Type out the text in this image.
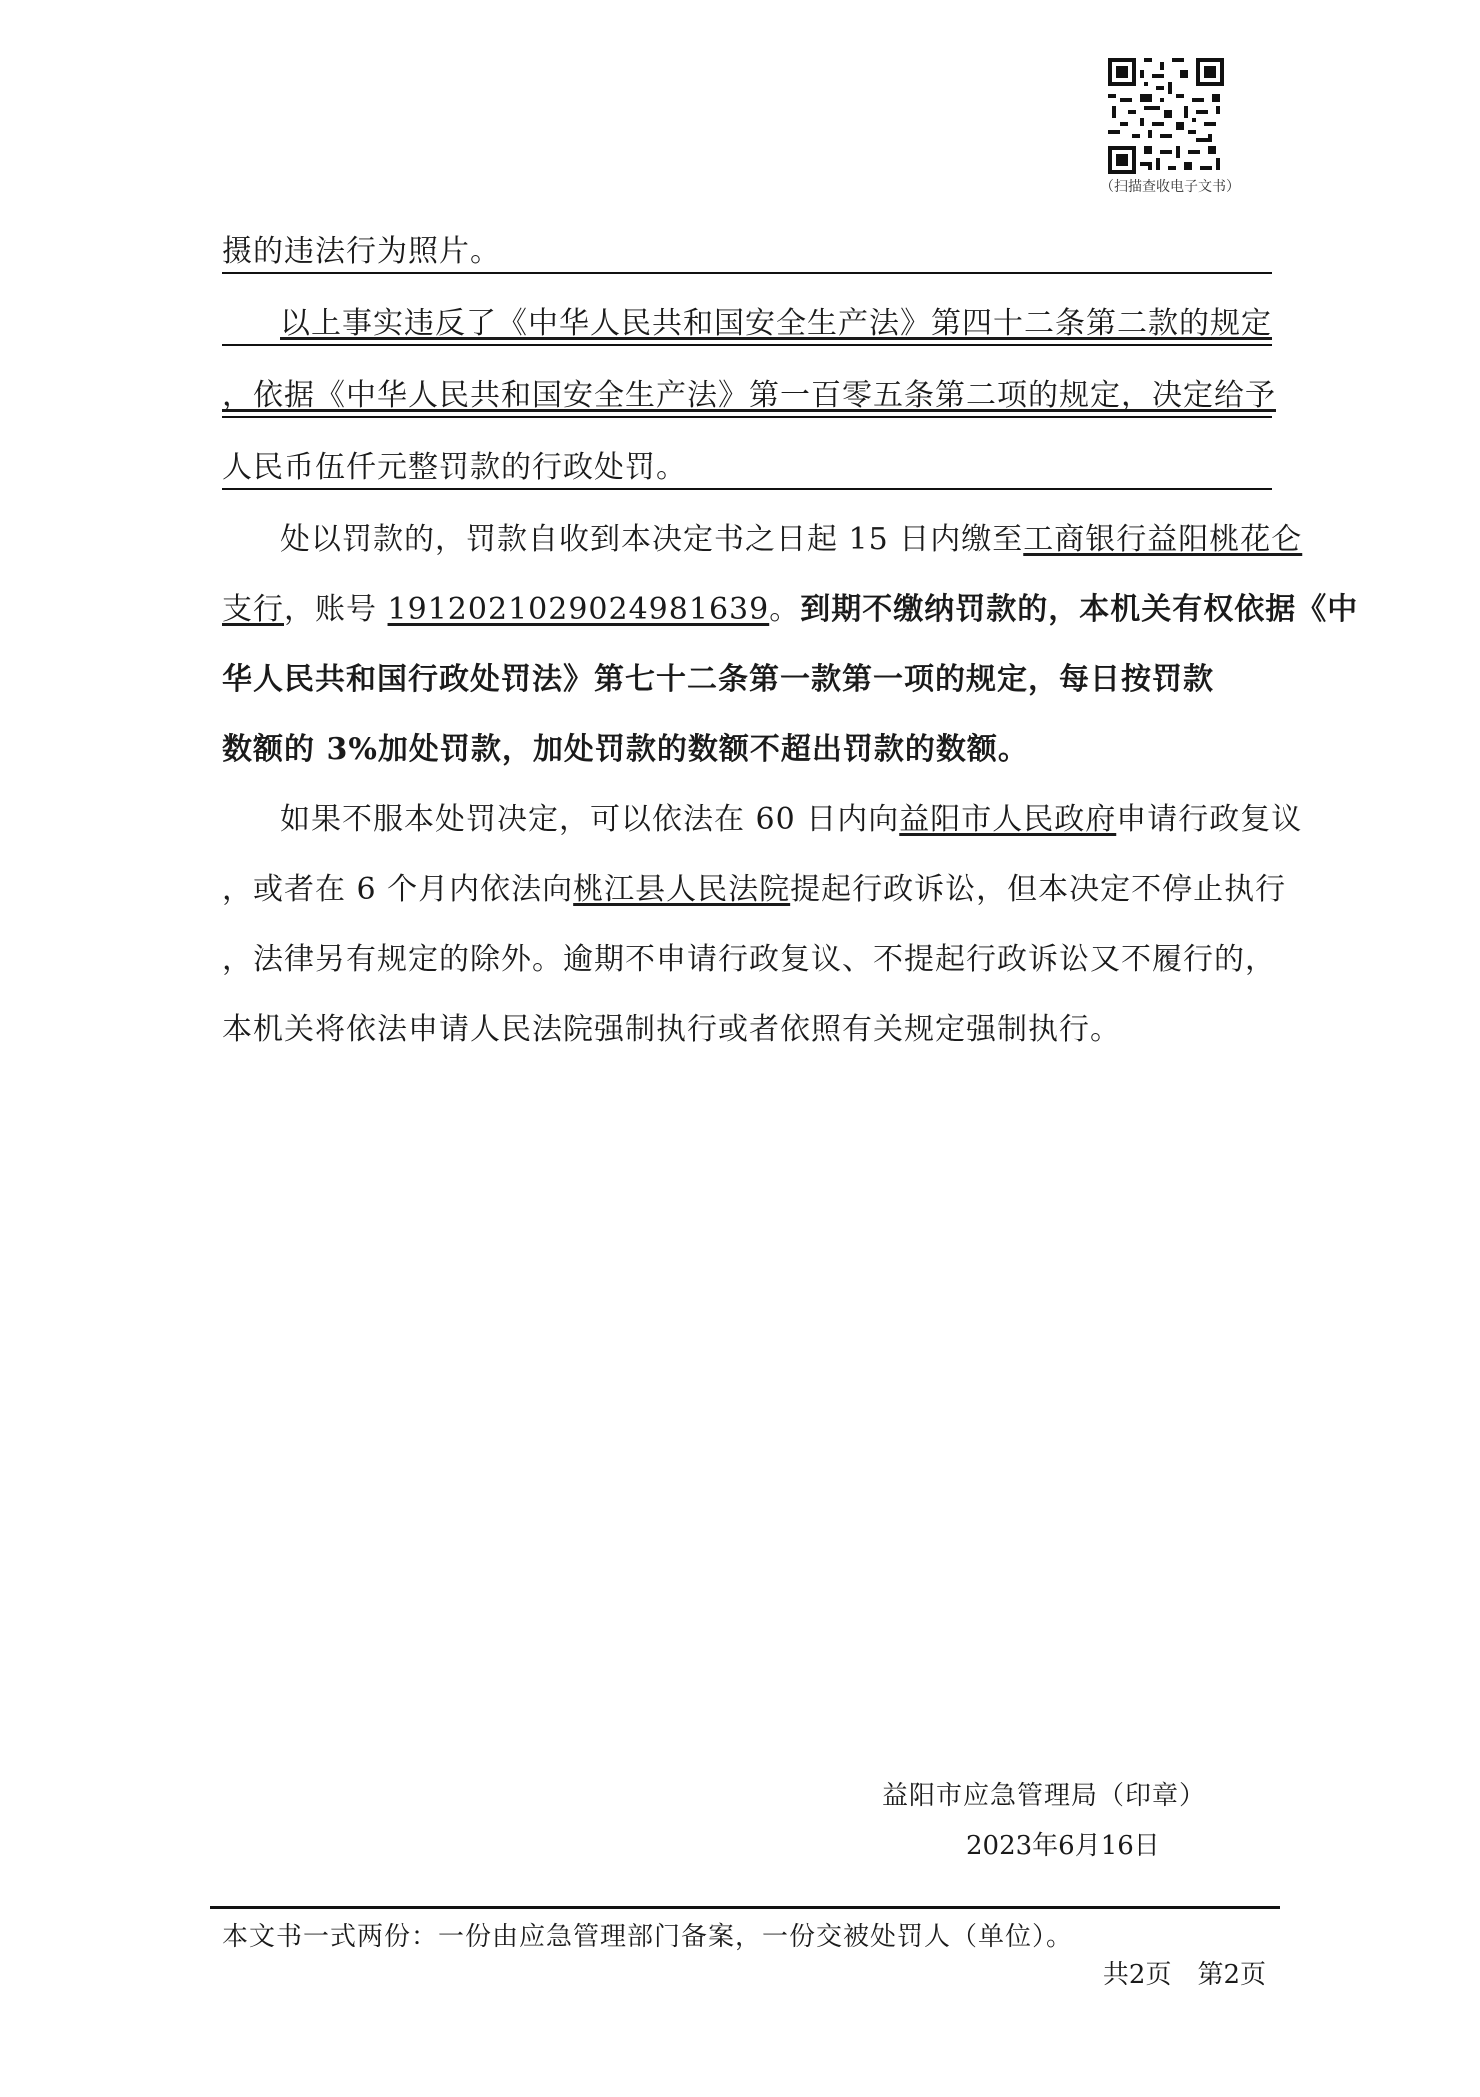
（扫描查收电子文书）
摄的违法行为照片。
以上事实违反了《中华人民共和国安全生产法》第四十二条第二款的规定
，依据《中华人民共和国安全生产法》第一百零五条第二项的规定，决定给予
人民币伍仟元整罚款的行政处罚。
处以罚款的，罚款自收到本决定书之日起 15 日内缴至工商银行益阳桃花仑
支行，账号 1912021029024981639。到期不缴纳罚款的，本机关有权依据《中
华人民共和国行政处罚法》第七十二条第一款第一项的规定，每日按罚款
数额的 3%加处罚款，加处罚款的数额不超出罚款的数额。
如果不服本处罚决定，可以依法在 60 日内向益阳市人民政府申请行政复议
，或者在 6 个月内依法向桃江县人民法院提起行政诉讼，但本决定不停止执行
，法律另有规定的除外。逾期不申请行政复议、不提起行政诉讼又不履行的，
本机关将依法申请人民法院强制执行或者依照有关规定强制执行。
益阳市应急管理局（印章）
2023年6月16日
本文书一式两份：一份由应急管理部门备案，一份交被处罚人（单位）。
共2页　第2页
